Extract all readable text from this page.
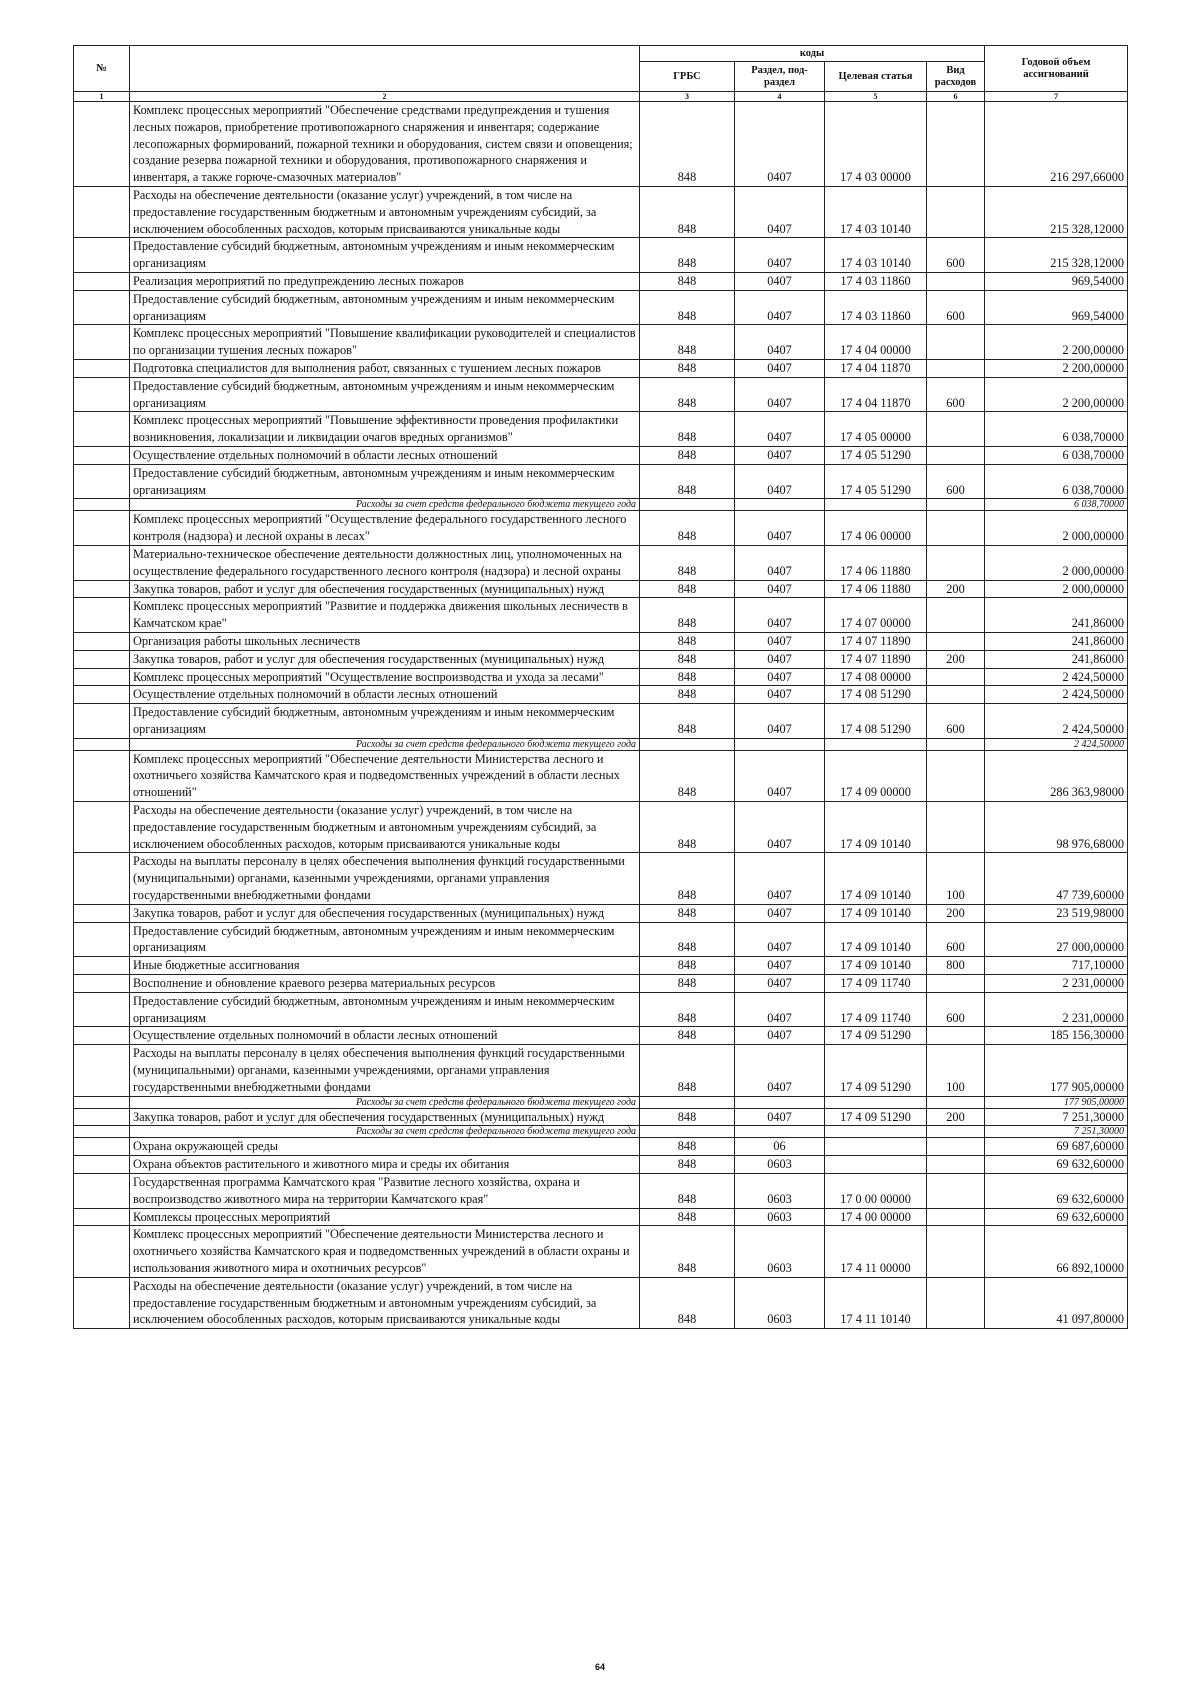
№		коды				Годовой объем ассигнований
		ГРБС	Раздел, под-раздел	Целевая статья	Вид расходов	
1	2	3	4	5	6	7
	Комплекс процессных мероприятий "Обеспечение средствами предупреждения и тушения лесных пожаров, приобретение противопожарного снаряжения и инвентаря; содержание лесопожарных формирований, пожарной техники и оборудования, систем связи и оповещения; создание резерва пожарной техники и оборудования, противопожарного снаряжения и инвентаря, а также горюче-смазочных материалов"	848	0407	17 4 03 00000		216 297,66000
	Расходы на обеспечение деятельности (оказание услуг) учреждений, в том числе на предоставление государственным бюджетным и автономным учреждениям субсидий, за исключением обособленных расходов, которым присваиваются уникальные коды	848	0407	17 4 03 10140		215 328,12000
	Предоставление субсидий бюджетным, автономным учреждениям и иным некоммерческим организациям	848	0407	17 4 03 10140	600	215 328,12000
	Реализация мероприятий по предупреждению лесных пожаров	848	0407	17 4 03 11860		969,54000
	Предоставление субсидий бюджетным, автономным учреждениям и иным некоммерческим организациям	848	0407	17 4 03 11860	600	969,54000
	Комплекс процессных мероприятий "Повышение квалификации руководителей и специалистов по организации тушения лесных пожаров"	848	0407	17 4 04 00000		2 200,00000
	Подготовка специалистов для выполнения работ, связанных с тушением лесных пожаров	848	0407	17 4 04 11870		2 200,00000
	Предоставление субсидий бюджетным, автономным учреждениям и иным некоммерческим организациям	848	0407	17 4 04 11870	600	2 200,00000
	Комплекс процессных мероприятий "Повышение эффективности проведения профилактики возникновения, локализации и ликвидации очагов вредных организмов"	848	0407	17 4 05 00000		6 038,70000
	Осуществление отдельных полномочий в области лесных отношений	848	0407	17 4 05 51290		6 038,70000
	Предоставление субсидий бюджетным, автономным учреждениям и иным некоммерческим организациям	848	0407	17 4 05 51290	600	6 038,70000
	Расходы за счет средств федерального бюджета текущего года					6 038,70000
	Комплекс процессных мероприятий "Осуществление федерального государственного лесного контроля (надзора) и лесной охраны в лесах"	848	0407	17 4 06 00000		2 000,00000
	Материально-техническое обеспечение деятельности должностных лиц, уполномоченных на осуществление федерального государственного лесного контроля (надзора) и лесной охраны	848	0407	17 4 06 11880		2 000,00000
	Закупка товаров, работ и услуг для обеспечения государственных (муниципальных) нужд	848	0407	17 4 06 11880	200	2 000,00000
	Комплекс процессных мероприятий "Развитие и поддержка движения школьных лесничеств в Камчатском крае"	848	0407	17 4 07 00000		241,86000
	Организация работы школьных лесничеств	848	0407	17 4 07 11890		241,86000
	Закупка товаров, работ и услуг для обеспечения государственных (муниципальных) нужд	848	0407	17 4 07 11890	200	241,86000
	Комплекс процессных мероприятий "Осуществление воспроизводства и ухода за лесами"	848	0407	17 4 08 00000		2 424,50000
	Осуществление отдельных полномочий в области лесных отношений	848	0407	17 4 08 51290		2 424,50000
	Предоставление субсидий бюджетным, автономным учреждениям и иным некоммерческим организациям	848	0407	17 4 08 51290	600	2 424,50000
	Расходы за счет средств федерального бюджета текущего года					2 424,50000
	Комплекс процессных мероприятий "Обеспечение деятельности Министерства лесного и охотничьего хозяйства Камчатского края и подведомственных учреждений в области лесных отношений"	848	0407	17 4 09 00000		286 363,98000
	Расходы на обеспечение деятельности (оказание услуг) учреждений, в том числе на предоставление государственным бюджетным и автономным учреждениям субсидий, за исключением обособленных расходов, которым присваиваются уникальные коды	848	0407	17 4 09 10140		98 976,68000
	Расходы на выплаты персоналу в целях обеспечения выполнения функций государственными (муниципальными) органами, казенными учреждениями, органами управления государственными внебюджетными фондами	848	0407	17 4 09 10140	100	47 739,60000
	Закупка товаров, работ и услуг для обеспечения государственных (муниципальных) нужд	848	0407	17 4 09 10140	200	23 519,98000
	Предоставление субсидий бюджетным, автономным учреждениям и иным некоммерческим организациям	848	0407	17 4 09 10140	600	27 000,00000
	Иные бюджетные ассигнования	848	0407	17 4 09 10140	800	717,10000
	Восполнение и обновление краевого резерва материальных ресурсов	848	0407	17 4 09 11740		2 231,00000
	Предоставление субсидий бюджетным, автономным учреждениям и иным некоммерческим организациям	848	0407	17 4 09 11740	600	2 231,00000
	Осуществление отдельных полномочий в области лесных отношений	848	0407	17 4 09 51290		185 156,30000
	Расходы на выплаты персоналу в целях обеспечения выполнения функций государственными (муниципальными) органами, казенными учреждениями, органами управления государственными внебюджетными фондами	848	0407	17 4 09 51290	100	177 905,00000
	Расходы за счет средств федерального бюджета текущего года					177 905,00000
	Закупка товаров, работ и услуг для обеспечения государственных (муниципальных) нужд	848	0407	17 4 09 51290	200	7 251,30000
	Расходы за счет средств федерального бюджета текущего года					7 251,30000
	Охрана окружающей среды	848	06			69 687,60000
	Охрана объектов растительного и животного мира и среды их обитания	848	0603			69 632,60000
	Государственная программа Камчатского края "Развитие лесного хозяйства, охрана и воспроизводство животного мира на территории Камчатского края"	848	0603	17 0 00 00000		69 632,60000
	Комплексы процессных мероприятий	848	0603	17 4 00 00000		69 632,60000
	Комплекс процессных мероприятий "Обеспечение деятельности Министерства лесного и охотничьего хозяйства Камчатского края и подведомственных учреждений в области охраны и использования животного мира и охотничьих ресурсов"	848	0603	17 4 11 00000		66 892,10000
	Расходы на обеспечение деятельности (оказание услуг) учреждений, в том числе на предоставление государственным бюджетным и автономным учреждениям субсидий, за исключением обособленных расходов, которым присваиваются уникальные коды	848	0603	17 4 11 10140		41 097,80000
64
